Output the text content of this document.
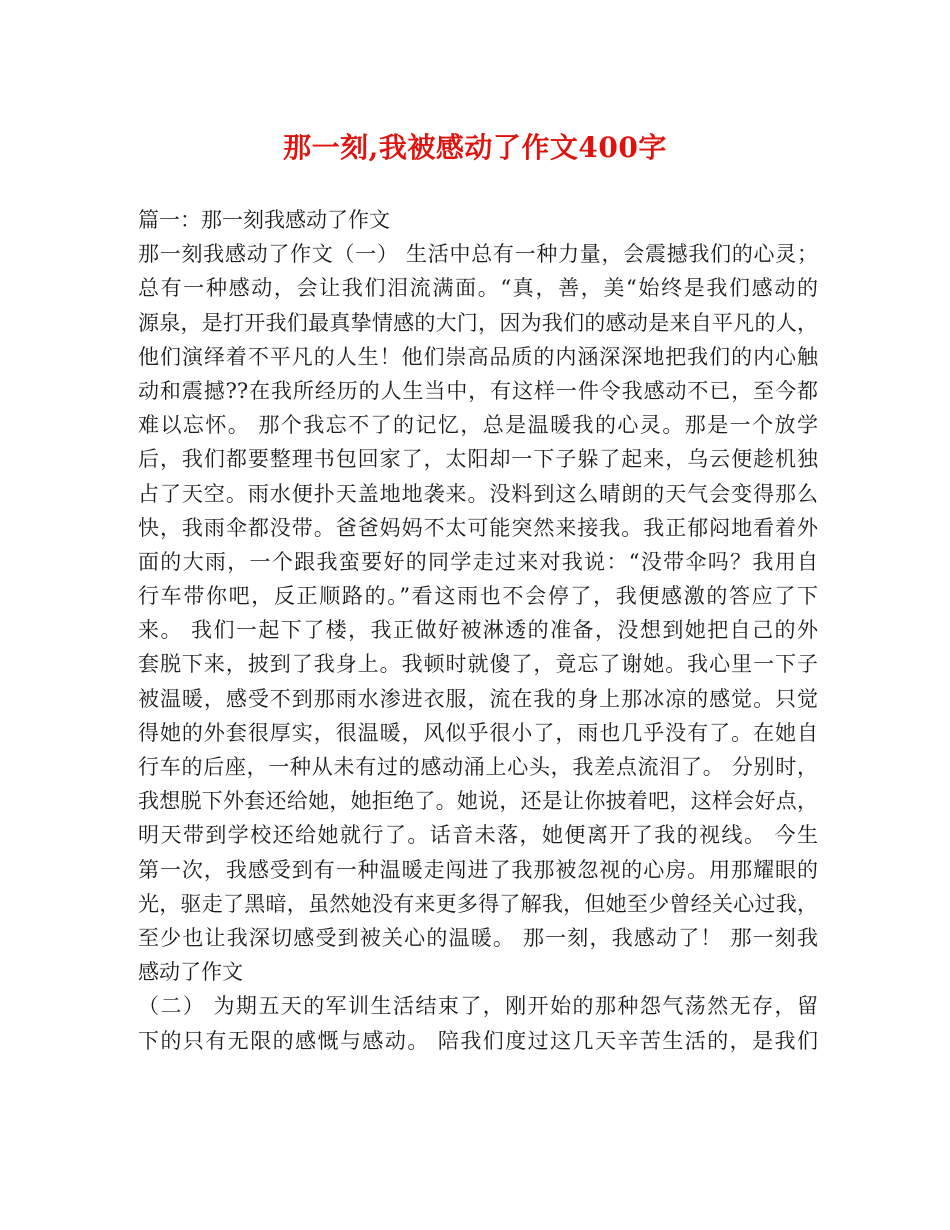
那一刻,我被感动了作文400字
篇一：那一刻我感动了作文
那一刻我感动了作文（一） 生活中总有一种力量，会震撼我们的心灵；
总有一种感动，会让我们泪流满面。“真，善，美“始终是我们感动的
源泉，是打开我们最真挚情感的大门，因为我们的感动是来自平凡的人，
他们演绎着不平凡的人生！他们崇高品质的内涵深深地把我们的内心触
动和震撼??在我所经历的人生当中，有这样一件令我感动不已，至今都
难以忘怀。 那个我忘不了的记忆，总是温暖我的心灵。那是一个放学
后，我们都要整理书包回家了，太阳却一下子躲了起来，乌云便趁机独
占了天空。雨水便扑天盖地地袭来。没料到这么晴朗的天气会变得那么
快，我雨伞都没带。爸爸妈妈不太可能突然来接我。我正郁闷地看着外
面的大雨，一个跟我蛮要好的同学走过来对我说：“没带伞吗？我用自
行车带你吧，反正顺路的。”看这雨也不会停了，我便感激的答应了下
来。 我们一起下了楼，我正做好被淋透的准备，没想到她把自己的外
套脱下来，披到了我身上。我顿时就傻了，竟忘了谢她。我心里一下子
被温暖，感受不到那雨水渗进衣服，流在我的身上那冰凉的感觉。只觉
得她的外套很厚实，很温暖，风似乎很小了，雨也几乎没有了。在她自
行车的后座，一种从未有过的感动涌上心头，我差点流泪了。 分别时，
我想脱下外套还给她，她拒绝了。她说，还是让你披着吧，这样会好点，
明天带到学校还给她就行了。话音未落，她便离开了我的视线。 今生
第一次，我感受到有一种温暖走闯进了我那被忽视的心房。用那耀眼的
光，驱走了黑暗，虽然她没有来更多得了解我，但她至少曾经关心过我，
至少也让我深切感受到被关心的温暖。 那一刻，我感动了！ 那一刻我
感动了作文
（二） 为期五天的军训生活结束了，刚开始的那种怨气荡然无存，留
下的只有无限的感慨与感动。 陪我们度过这几天辛苦生活的，是我们
